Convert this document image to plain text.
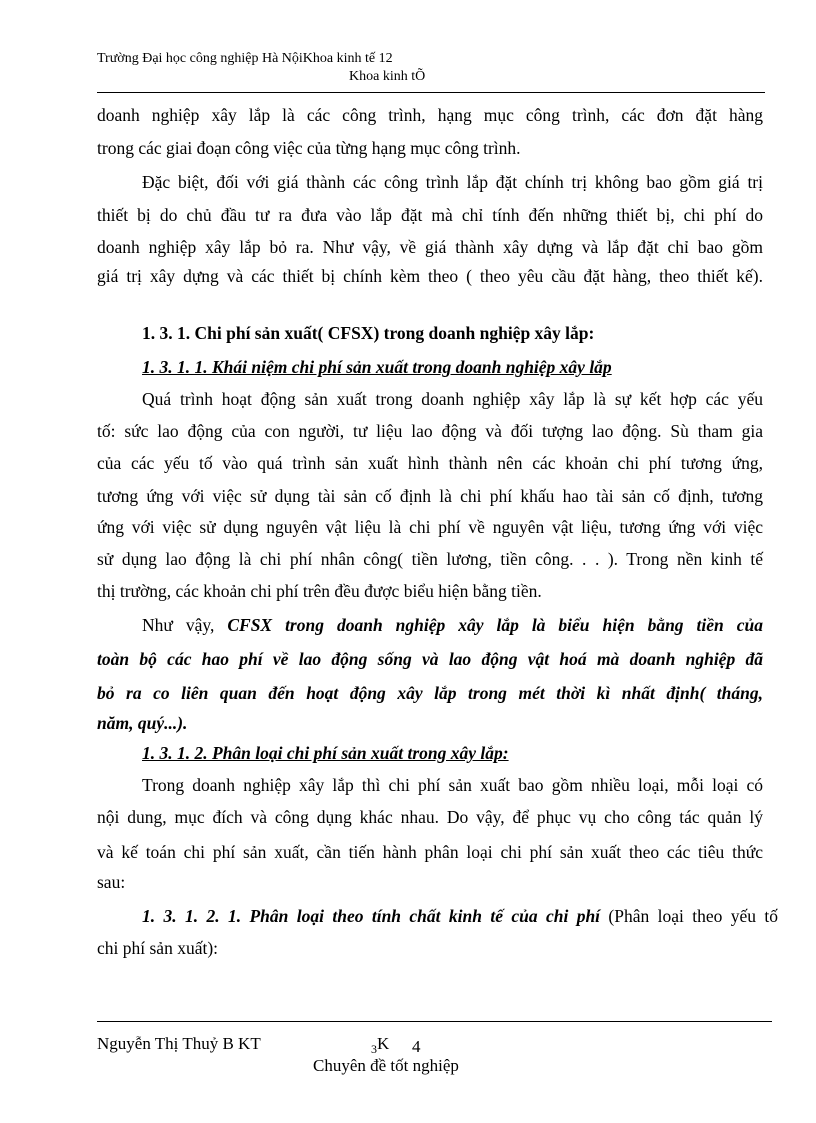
Trường Đại học công nghiệp Hà NộiKhoa kinh tế 12
Khoa kinh tÕ
doanh nghiệp xây lắp là các công trình, hạng mục công trình, các đơn đặt hàng
trong các giai đoạn công việc của từng hạng mục công trình.
Đặc biệt, đối với giá thành các công trình lắp đặt chính trị không bao gồm giá trị
thiết bị do chủ đầu tư ra đưa vào lắp đặt mà chỉ tính đến những thiết bị, chi phí do
doanh nghiệp xây lắp bỏ ra. Như vậy, về giá thành xây dựng và lắp đặt chỉ bao gồm
giá trị xây dựng và các thiết bị chính kèm theo ( theo yêu cầu đặt hàng, theo thiết kế).
1. 3. 1. Chi phí sản xuất( CFSX) trong doanh nghiệp xây lắp:
1. 3. 1. 1. Khái niệm chi phí sản xuất trong doanh nghiệp xây lắp
Quá trình hoạt động sản xuất trong doanh nghiệp xây lắp là sự kết hợp các yếu
tố: sức lao động của con người, tư liệu lao động và đối tượng lao động. Sù tham gia
của các yếu tố vào quá trình sản xuất hình thành nên các khoản chi phí tương ứng,
tương ứng với việc sử dụng tài sản cố định là chi phí khấu hao tài sản cố định, tương
ứng với việc sử dụng nguyên vật liệu là chi phí về nguyên vật liệu, tương ứng với việc
sử dụng lao động là chi phí nhân công( tiền lương, tiền công. . . ). Trong nền kinh tế
thị trường, các khoản chi phí trên đều được biểu hiện bằng tiền.
Như vậy, CFSX trong doanh nghiệp xây lắp là biểu hiện bằng tiền của
toàn bộ các hao phí về lao động sống và lao động vật hoá mà doanh nghiệp đã
bỏ ra co liên quan đến hoạt động xây lắp trong mét thời kì nhất định( tháng,
năm, quý...).
1. 3. 1. 2. Phân loại chi phí sản xuất trong xây lắp:
Trong doanh nghiệp xây lắp thì chi phí sản xuất bao gồm nhiều loại, mỗi loại có
nội dung, mục đích và công dụng khác nhau. Do vậy, để phục vụ cho công tác quản lý
và kế toán chi phí sản xuất, cần tiến hành phân loại chi phí sản xuất theo các tiêu thức
sau:
1. 3. 1. 2. 1. Phân loại theo tính chất kinh tế của chi phí (Phân loại theo yếu tố
chi phí sản xuất):
Nguyễn Thị Thuỷ B KT	$_3$K 4
Chuyên đề tốt nghiệp
